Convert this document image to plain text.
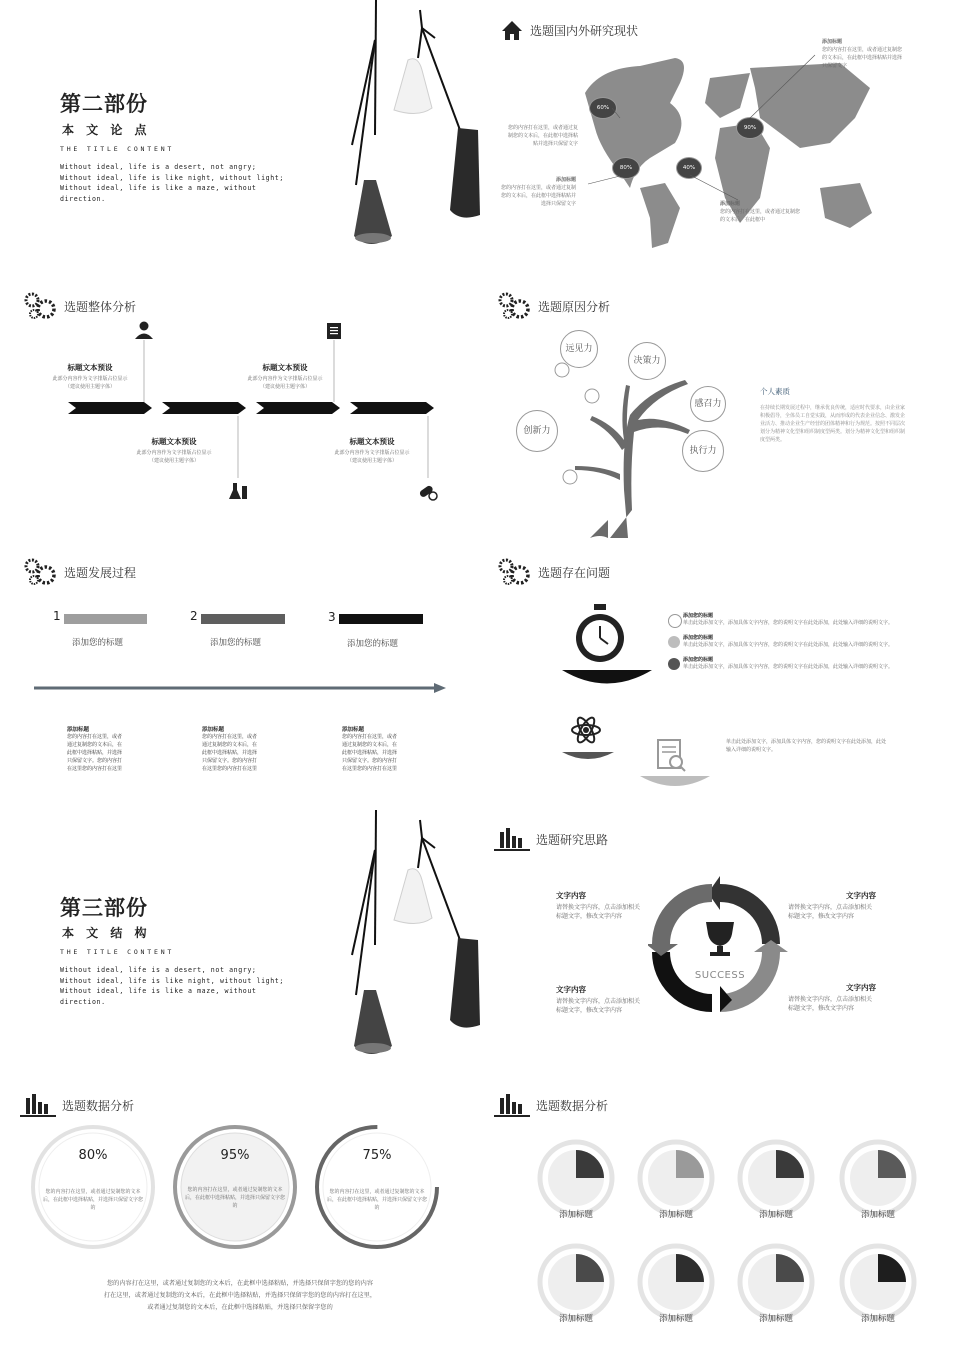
第二部份
本 文 论 点
THE TITLE CONTENT
Without ideal, life is a desert, not angry; Without ideal, life is like night, without light; Without ideal, life is like a maze, without direction.
选题国内外研究现状
60%
80%	40%
90%
添加标题
您的内容打在这里，或者通过复制您的文本后，在此框中选择粘贴并选择只保留文字
您的内容打在这里，或者通过复制您的文本后，在此框中选择粘贴并选择只保留文字
添加标题
您的内容打在这里，或者通过复制您的文本后，在此框中选择粘贴并选择只保留文字	添加标题
您的内容打在这里，或者通过复制您的文本后，在此框中
选题整体分析
标题文本预设
此部分内容作为文字排版占位显示
（建议使用主题字体）
标题文本预设
此部分内容作为文字排版占位显示
（建议使用主题字体）
标题文本预设
此部分内容作为文字排版占位显示
（建议使用主题字体）
标题文本预设
此部分内容作为文字排版占位显示
（建议使用主题字体）
选题原因分析
远见力
决策力
感召力
创新力
执行力
个人素质
在持续长期发展过程中，继承优良传统，适应时代要求，由企业家积极倡导，全体员工自觉实践，从而形成的代表企业信念、激发企业活力、推动企业生产经营的团体精神和行为规范。按照不同层次划分为精神文化型和组织制度型两类。划分为精神文化型和组织制度型两类。
选题发展过程
1
添加您的标题
2
添加您的标题
3
添加您的标题
添加标题
您的内容打在这里，或者通过复制您的文本后，在此框中选择粘贴，并选择只保留文字。您的内容打在这里您的内容打在这里
添加标题
您的内容打在这里，或者通过复制您的文本后，在此框中选择粘贴，并选择只保留文字。您的内容打在这里您的内容打在这里
添加标题
您的内容打在这里，或者通过复制您的文本后，在此框中选择粘贴，并选择只保留文字。您的内容打在这里您的内容打在这里
选题存在问题
添加您的标题
单击此处添加文字，添加具体文字内容，您的说明文字在此处添加，此处输入详细的说明文字。
添加您的标题
单击此处添加文字，添加具体文字内容，您的说明文字在此处添加，此处输入详细的说明文字。
添加您的标题
单击此处添加文字，添加具体文字内容，您的说明文字在此处添加，此处输入详细的说明文字。
单击此处添加文字，添加具体文字内容，您的说明文字在此处添加，此处输入详细的说明文字。
第三部份
本 文 结 构
THE TITLE CONTENT
Without ideal, life is a desert, not angry; Without ideal, life is like night, without light; Without ideal, life is like a maze, without direction.
选题研究思路
SUCCESS
文字内容
请替换文字内容，点击添加相关标题文字，修改文字内容
文字内容
请替换文字内容，点击添加相关标题文字，修改文字内容
文字内容
请替换文字内容，点击添加相关标题文字，修改文字内容
文字内容
请替换文字内容，点击添加相关标题文字，修改文字内容
选题数据分析
80%	95%	75%
您的内容打在这里，或者通过复制您的文本后，在此框中选择粘贴，并选择只保留文字您的
您的内容打在这里，或者通过复制您的文本后，在此框中选择粘贴，并选择只保留文字您的
您的内容打在这里，或者通过复制您的文本后，在此框中选择粘贴，并选择只保留文字您的
您的内容打在这里，或者通过复制您的文本后，在此框中选择粘贴，并选择只保留字您的您的内容
打在这里，或者通过复制您的文本后，在此框中选择粘贴，并选择只保留字您的您的内容打在这里，
或者通过复制您的文本后，在此框中选择粘贴，并选择只保留字您的
选题数据分析
添加标题	添加标题	添加标题	添加标题
添加标题	添加标题	添加标题	添加标题
